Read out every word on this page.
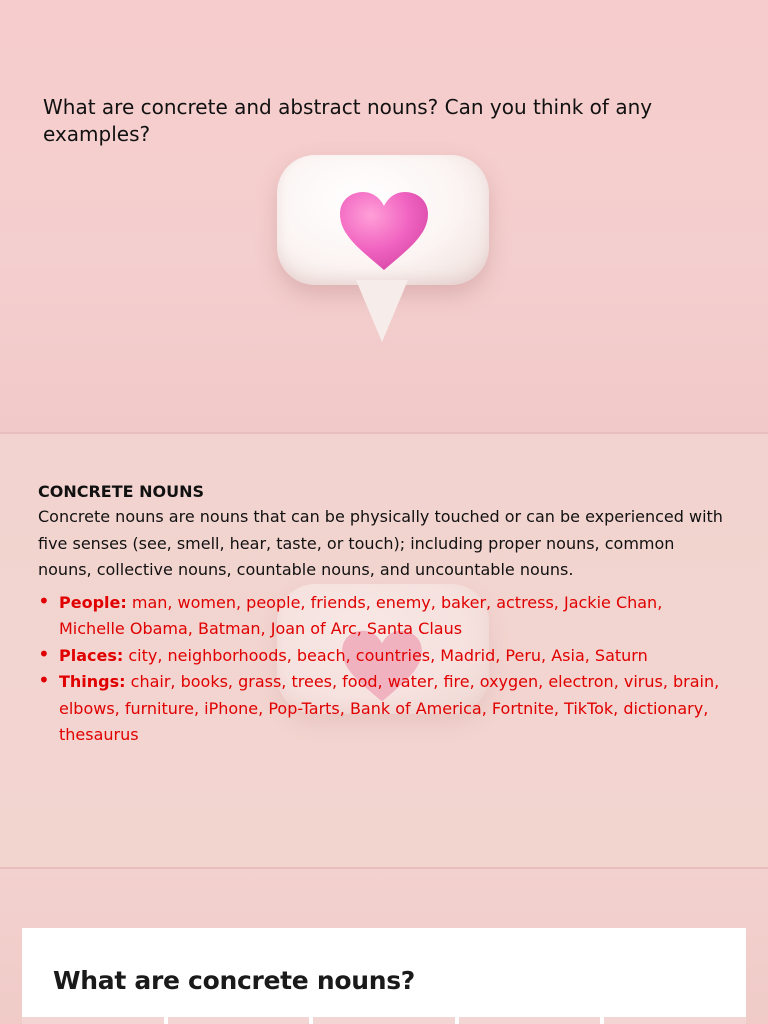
What are concrete and abstract nouns? Can you think of any examples?
CONCRETE NOUNS
Concrete nouns are nouns that can be physically touched or can be experienced with five senses (see, smell, hear, taste, or touch); including proper nouns, common nouns, collective nouns, countable nouns, and uncountable nouns.
• People: man, women, people, friends, enemy, baker, actress, Jackie Chan, Michelle Obama, Batman, Joan of Arc, Santa Claus
• Places: city, neighborhoods, beach, countries, Madrid, Peru, Asia, Saturn
• Things: chair, books, grass, trees, food, water, fire, oxygen, electron, virus, brain, elbows, furniture, iPhone, Pop-Tarts, Bank of America, Fortnite, TikTok, dictionary, thesaurus
What are concrete nouns?
